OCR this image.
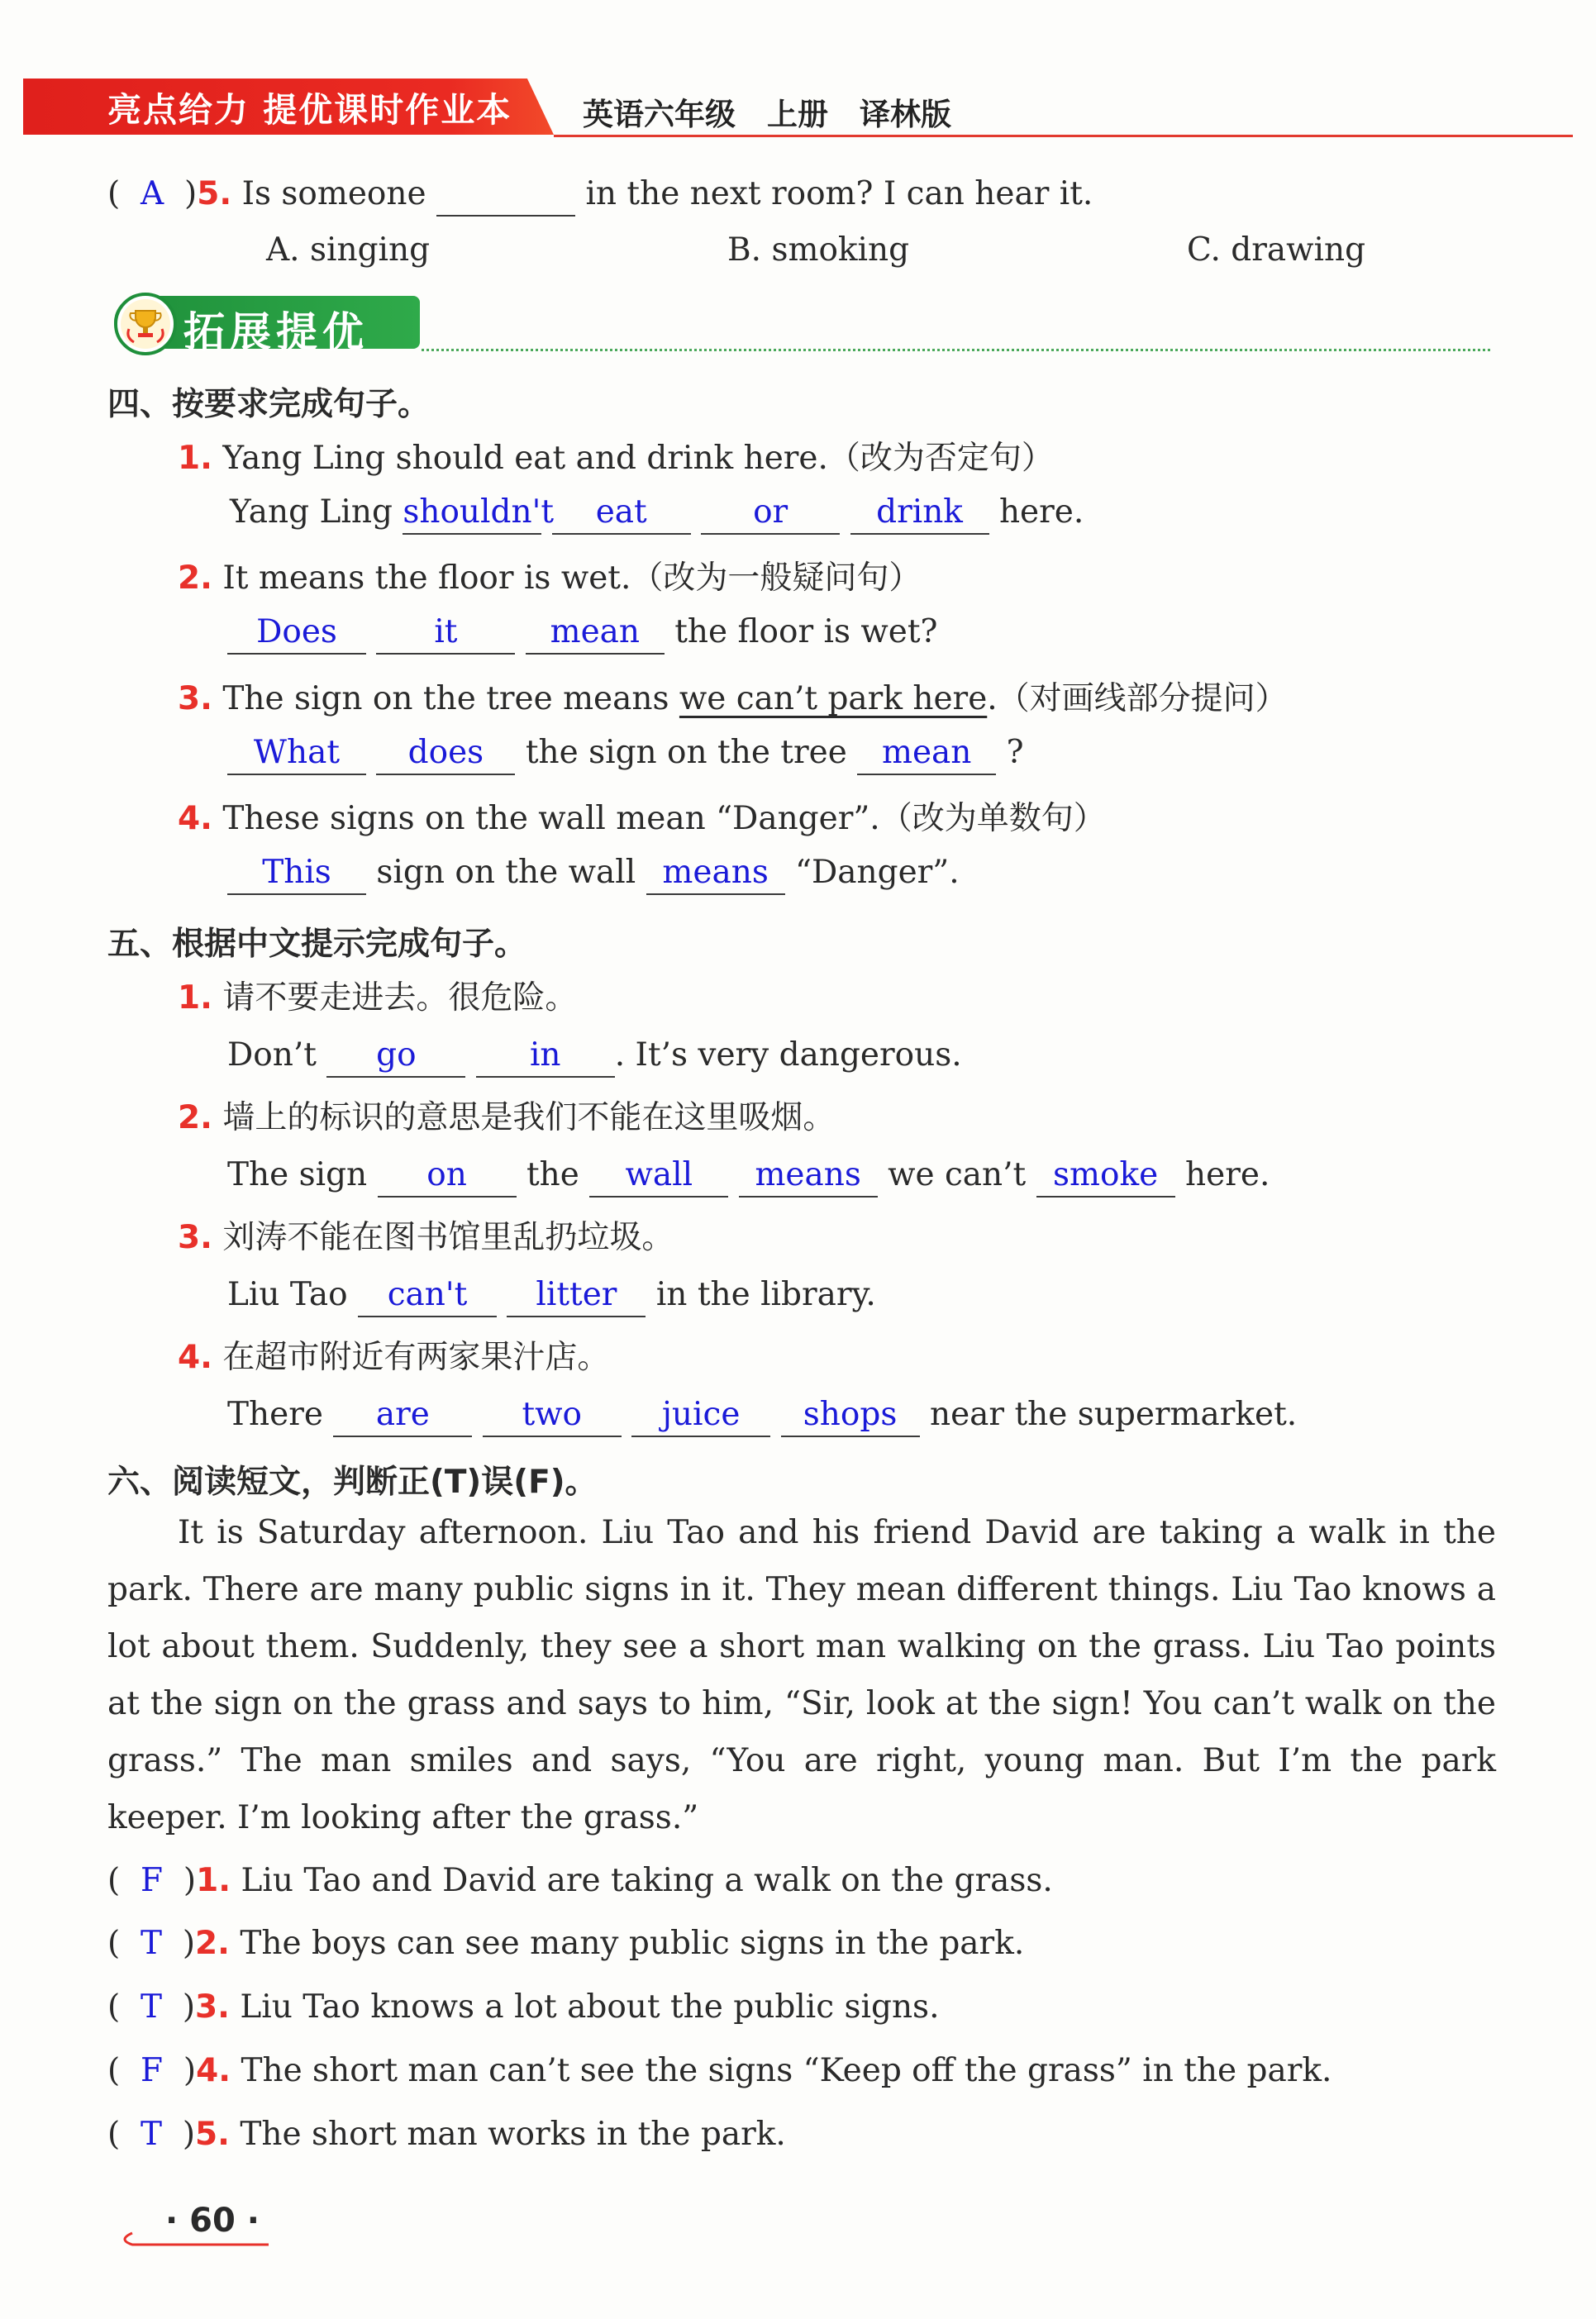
亮点给力 提优课时作业本 英语六年级 上册 译林版
(  A  )5. Is someone	in the next room? I can hear it.
A. singing	B. smoking	C. drawing
拓展提优
四、按要求完成句子。
1. Yang Ling should eat and drink here.（改为否定句）
Yang Ling shouldn't eat	or	drink here.
2. It means the floor is wet.（改为一般疑问句）
Does	it	mean the floor is wet?
3. The sign on the tree means we can’t park here.（对画线部分提问）
What does the sign on the tree mean ?
4. These signs on the wall mean “Danger”.（改为单数句）
This sign on the wall means “Danger”.
五、根据中文提示完成句子。
1. 请不要走进去。很危险。
Don’t go	in . It’s very dangerous.
2. 墙上的标识的意思是我们不能在这里吸烟。
The sign on the wall means we can’t smoke here.
3. 刘涛不能在图书馆里乱扔垃圾。
Liu Tao can't litter in the library.
4. 在超市附近有两家果汁店。
There are	two juice shops near the supermarket.
六、阅读短文，判断正(T)误(F)。
It is Saturday afternoon. Liu Tao and his friend David are taking a walk in the park. There are many public signs in it. They mean different things. Liu Tao knows a lot about them. Suddenly, they see a short man walking on the grass. Liu Tao points at the sign on the grass and says to him, “Sir, look at the sign! You can’t walk on the grass.” The man smiles and says, “You are right, young man. But I’m the park keeper. I’m looking after the grass.”
(  F  )1. Liu Tao and David are taking a walk on the grass.
(  T  )2. The boys can see many public signs in the park.
(  T  )3. Liu Tao knows a lot about the public signs.
(  F  )4. The short man can’t see the signs “Keep off the grass” in the park.
(  T  )5. The short man works in the park.
· 60 ·
